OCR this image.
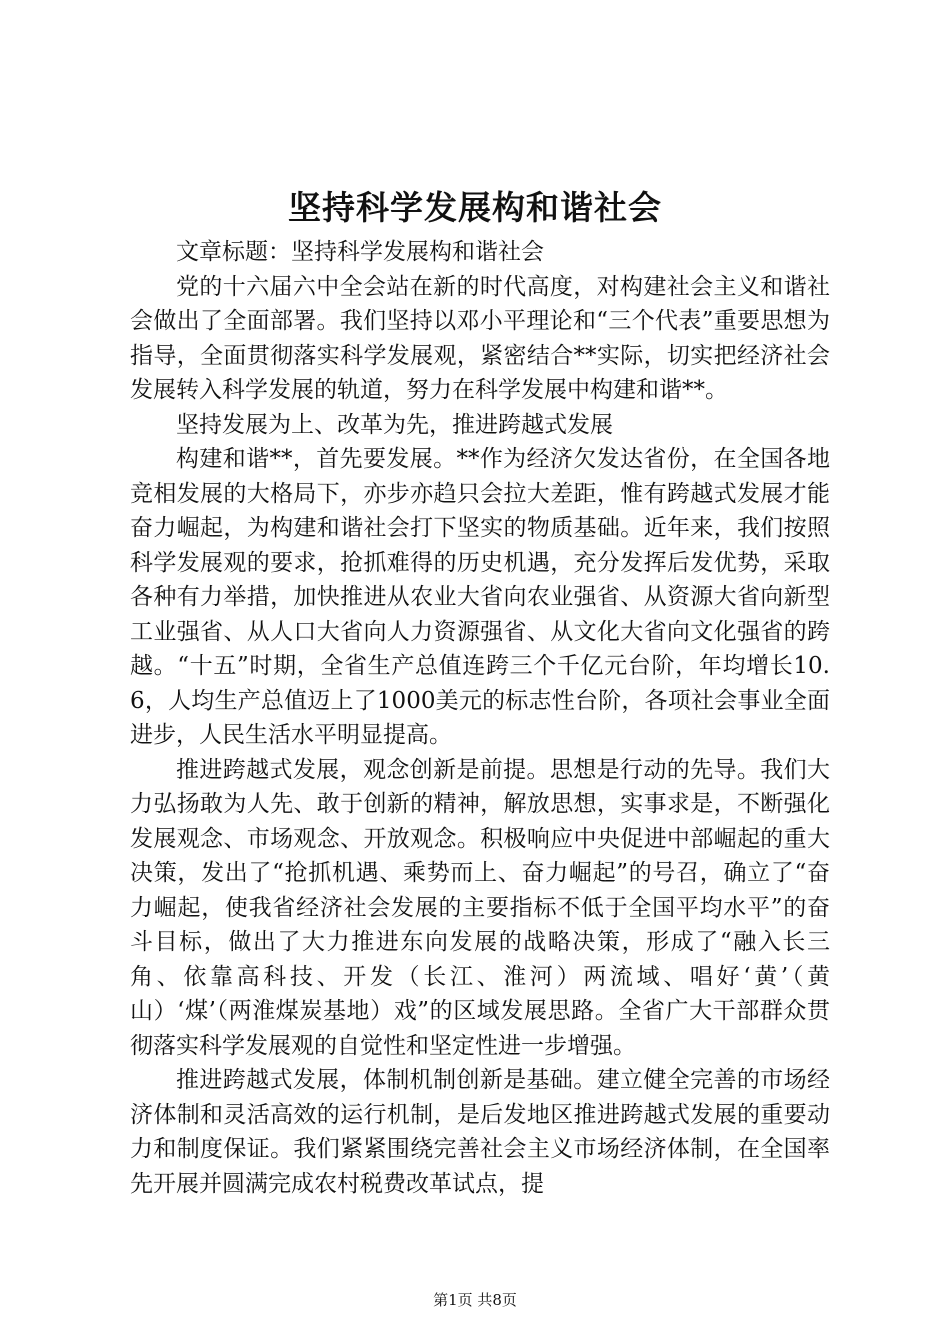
坚持科学发展构和谐社会

文章标题：坚持科学发展构和谐社会

党的十六届六中全会站在新的时代高度，对构建社会主义和谐社会做出了全面部署。我们坚持以邓小平理论和“三个代表”重要思想为指导，全面贯彻落实科学发展观，紧密结合**实际，切实把经济社会发展转入科学发展的轨道，努力在科学发展中构建和谐**。

坚持发展为上、改革为先，推进跨越式发展

构建和谐**，首先要发展。**作为经济欠发达省份，在全国各地竞相发展的大格局下，亦步亦趋只会拉大差距，惟有跨越式发展才能奋力崛起，为构建和谐社会打下坚实的物质基础。近年来，我们按照科学发展观的要求，抢抓难得的历史机遇，充分发挥后发优势，采取各种有力举措，加快推进从农业大省向农业强省、从资源大省向新型工业强省、从人口大省向人力资源强省、从文化大省向文化强省的跨越。“十五”时期，全省生产总值连跨三个千亿元台阶，年均增长10.6，人均生产总值迈上了1000美元的标志性台阶，各项社会事业全面进步，人民生活水平明显提高。

推进跨越式发展，观念创新是前提。思想是行动的先导。我们大力弘扬敢为人先、敢于创新的精神，解放思想，实事求是，不断强化发展观念、市场观念、开放观念。积极响应中央促进中部崛起的重大决策，发出了“抢抓机遇、乘势而上、奋力崛起”的号召，确立了“奋力崛起，使我省经济社会发展的主要指标不低于全国平均水平”的奋斗目标，做出了大力推进东向发展的战略决策，形成了“融入长三角、依靠高科技、开发（长江、淮河）两流域、唱好‘黄’（黄山）‘煤’（两淮煤炭基地）戏”的区域发展思路。全省广大干部群众贯彻落实科学发展观的自觉性和坚定性进一步增强。

推进跨越式发展，体制机制创新是基础。建立健全完善的市场经济体制和灵活高效的运行机制，是后发地区推进跨越式发展的重要动力和制度保证。我们紧紧围绕完善社会主义市场经济体制，在全国率先开展并圆满完成农村税费改革试点，提

第1页 共8页
